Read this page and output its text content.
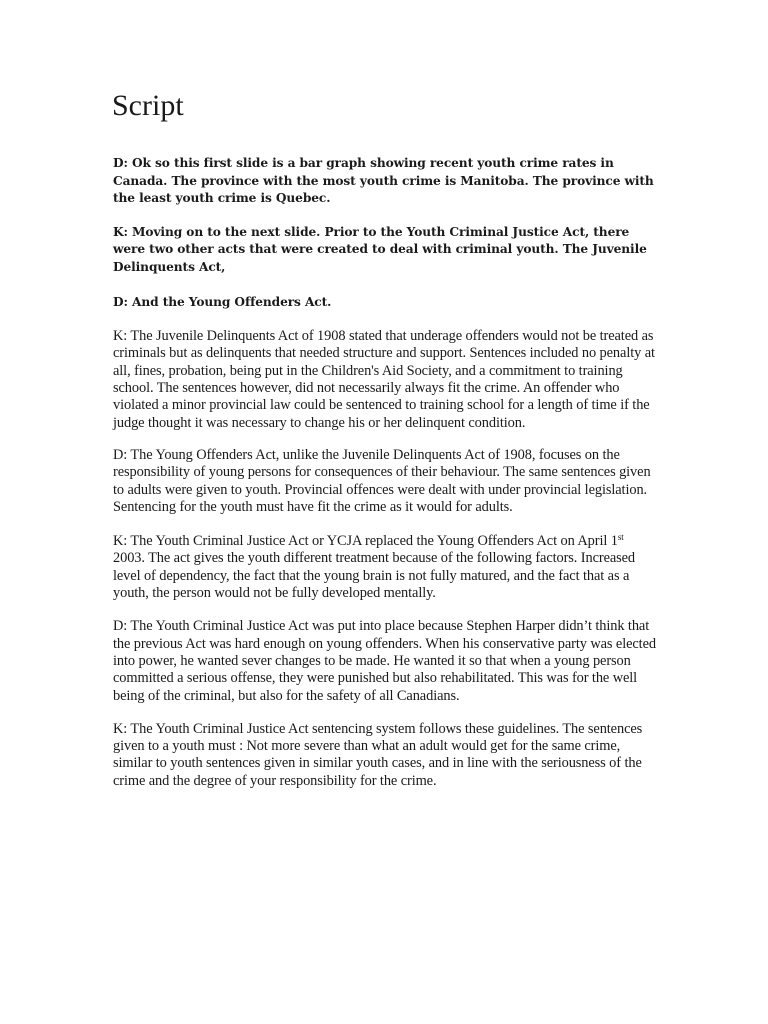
Script

D: Ok so this first slide is a bar graph showing recent youth crime rates in Canada. The province with the most youth crime is Manitoba. The province with the least youth crime is Quebec.

K: Moving on to the next slide. Prior to the Youth Criminal Justice Act, there were two other acts that were created to deal with criminal youth. The Juvenile Delinquents Act,

D: And the Young Offenders Act.

K: The Juvenile Delinquents Act of 1908 stated that underage offenders would not be treated as criminals but as delinquents that needed structure and support. Sentences included no penalty at all, fines, probation, being put in the Children's Aid Society, and a commitment to training school. The sentences however, did not necessarily always fit the crime. An offender who violated a minor provincial law could be sentenced to training school for a length of time if the judge thought it was necessary to change his or her delinquent condition.

D: The Young Offenders Act, unlike the Juvenile Delinquents Act of 1908, focuses on the responsibility of young persons for consequences of their behaviour. The same sentences given to adults were given to youth. Provincial offences were dealt with under provincial legislation. Sentencing for the youth must have fit the crime as it would for adults.

K: The Youth Criminal Justice Act or YCJA replaced the Young Offenders Act on April 1st 2003. The act gives the youth different treatment because of the following factors. Increased level of dependency, the fact that the young brain is not fully matured, and the fact that as a youth, the person would not be fully developed mentally.

D: The Youth Criminal Justice Act was put into place because Stephen Harper didn’t think that the previous Act was hard enough on young offenders. When his conservative party was elected into power, he wanted sever changes to be made. He wanted it so that when a young person committed a serious offense, they were punished but also rehabilitated. This was for the well being of the criminal, but also for the safety of all Canadians.

K: The Youth Criminal Justice Act sentencing system follows these guidelines. The sentences given to a youth must : Not more severe than what an adult would get for the same crime, similar to youth sentences given in similar youth cases, and in line with the seriousness of the crime and the degree of your responsibility for the crime.
